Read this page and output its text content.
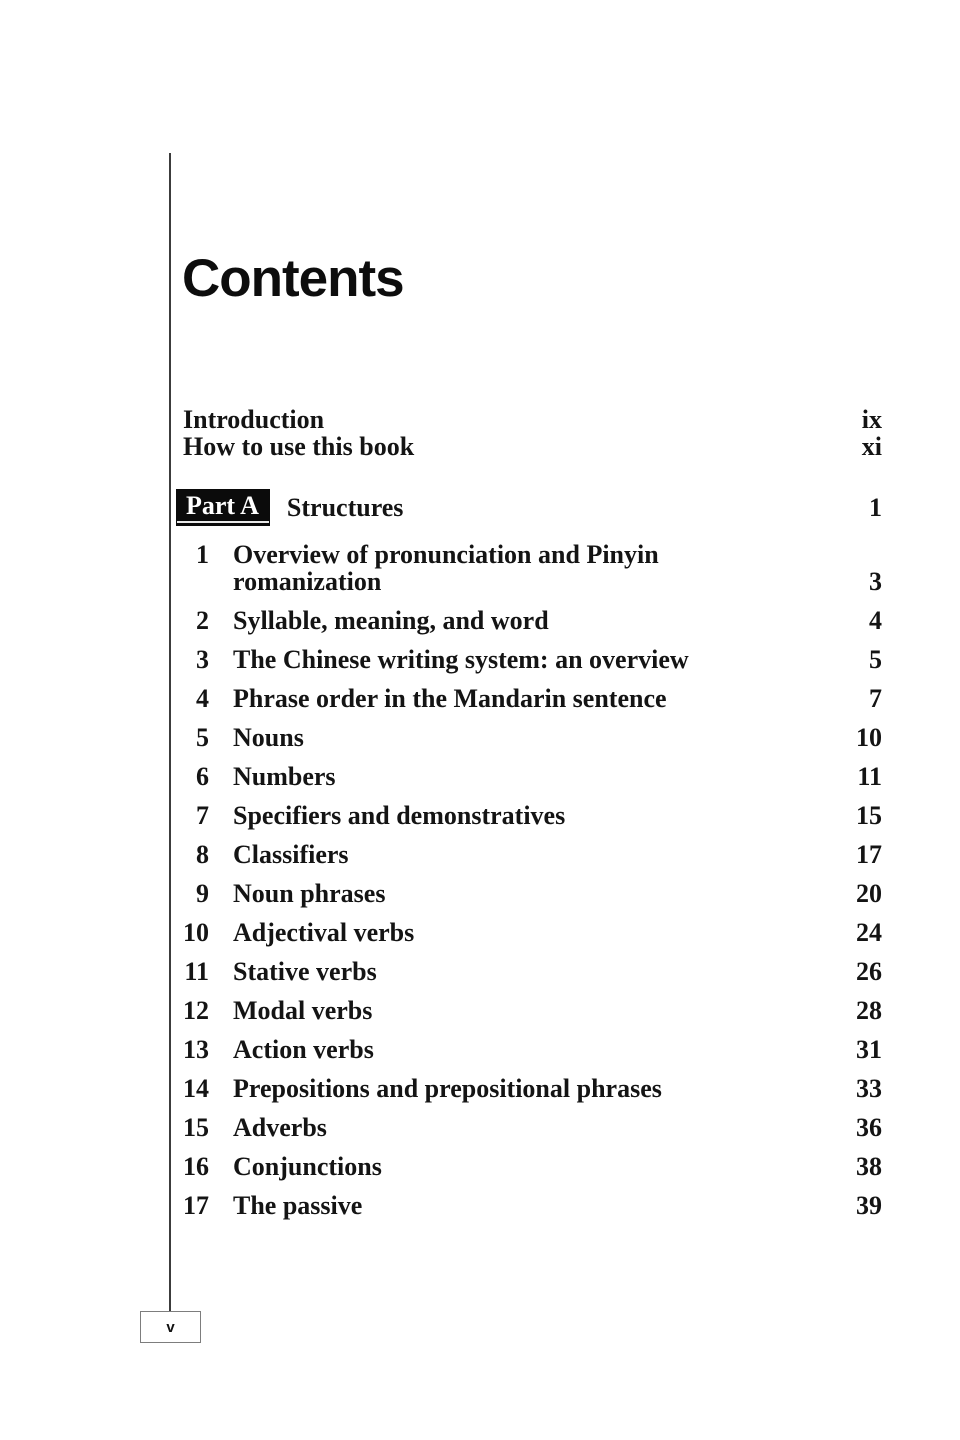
Contents
Introduction	ix
How to use this book	xi
Part A	Structures	1
1 Overview of pronunciation and Pinyin romanization	3
2 Syllable, meaning, and word	4
3 The Chinese writing system: an overview	5
4 Phrase order in the Mandarin sentence	7
5 Nouns	10
6 Numbers	11
7 Specifiers and demonstratives	15
8 Classifiers	17
9 Noun phrases	20
10 Adjectival verbs	24
11 Stative verbs	26
12 Modal verbs	28
13 Action verbs	31
14 Prepositions and prepositional phrases	33
15 Adverbs	36
16 Conjunctions	38
17 The passive	39
v
